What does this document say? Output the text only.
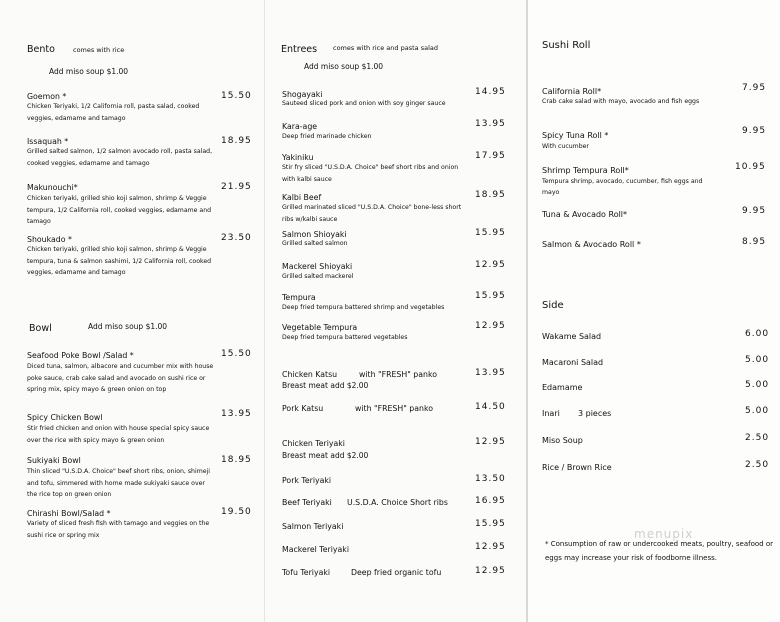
Bento	comes with rice
Add miso soup $1.00
Goemon *	15.50
Chicken Teriyaki, 1/2 California roll, pasta salad, cooked veggies, edamame and tamago
Issaquah *	18.95
Grilled salted salmon, 1/2 salmon avocado roll, pasta salad, cooked veggies, edamame and tamago
Makunouchi*	21.95
Chicken teriyaki, grilled shio koji salmon, shrimp & Veggie tempura, 1/2 California roll, cooked veggies, edamame and tamago
Shoukado *	23.50
Chicken teriyaki, grilled shio koji salmon, shrimp & Veggie tempura, tuna & salmon sashimi, 1/2 California roll, cooked veggies, edamame and tamago
Bowl	Add miso soup $1.00
Seafood Poke Bowl /Salad *	15.50
Diced tuna, salmon, albacore and cucumber mix with house poke sauce, crab cake salad and avocado on sushi rice or spring mix, spicy mayo & green onion on top
Spicy Chicken Bowl	13.95
Stir fried chicken and onion with house special spicy sauce over the rice with spicy mayo & green onion
Sukiyaki Bowl	18.95
Thin sliced "U.S.D.A. Choice" beef short ribs, onion, shimeji and tofu, simmered with home made sukiyaki sauce over the rice top on green onion
Chirashi Bowl/Salad *	19.50
Variety of sliced fresh fish with tamago and veggies on the sushi rice or spring mix
Entrees comes with rice and pasta salad
Add miso soup $1.00
Shogayaki	14.95
Sauteed sliced pork and onion with soy ginger sauce
Kara-age	13.95
Deep fried marinade chicken
Yakiniku	17.95
Stir fry sliced "U.S.D.A. Choice" beef short ribs and onion with kalbi sauce
Kalbi Beef	18.95
Grilled marinated sliced "U.S.D.A. Choice" bone-less short ribs w/kalbi sauce
Salmon Shioyaki	15.95
Grilled salted salmon
Mackerel Shioyaki	12.95
Grilled salted mackerel
Tempura	15.95
Deep fried tempura battered shrimp and vegetables
Vegetable Tempura	12.95
Deep fried tempura battered vegetables
Chicken Katsu	with "FRESH" panko	13.95
Breast meat add $2.00
Pork Katsu	with "FRESH" panko	14.50
Chicken Teriyaki	12.95
Breast meat add $2.00
Pork Teriyaki	13.50
Beef Teriyaki U.S.D.A. Choice Short ribs	16.95
Salmon Teriyaki	15.95
Mackerel Teriyaki	12.95
Tofu Teriyaki	Deep fried organic tofu	12.95
Sushi Roll
California Roll*	7.95
Crab cake salad with mayo, avocado and fish eggs
Spicy Tuna Roll *	9.95
With cucumber
Shrimp Tempura Roll*	10.95
Tempura shrimp, avocado, cucumber, fish eggs and mayo
Tuna & Avocado Roll*	9.95
Salmon & Avocado Roll *	8.95
Side
Wakame Salad	6.00
Macaroni Salad	5.00
Edamame	5.00
Inari 3 pieces	5.00
Miso Soup	2.50
Rice / Brown Rice	2.50
menupix
* Consumption of raw or undercooked meats, poultry, seafood or eggs may increase your risk of foodborne illness.
